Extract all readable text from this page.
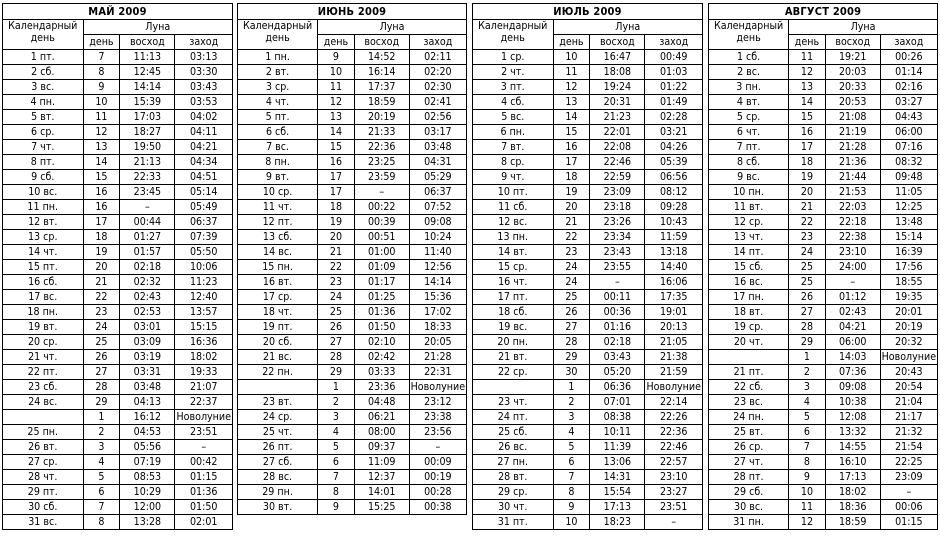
МАЙ 2009			

Календарный
день	Луна		
	день	восход	заход
1 пт.	7	11:13	03:13
2 сб.	8	12:45	03:30
3 вс.	9	14:14	03:43
4 пн.	10	15:39	03:53
5 вт.	11	17:03	04:02
6 ср.	12	18:27	04:11
7 чт.	13	19:50	04:21
8 пт.	14	21:13	04:34
9 сб.	15	22:33	04:51
10 вс.	16	23:45	05:14
11 пн.	16	–	05:49
12 вт.	17	00:44	06:37
13 ср.	18	01:27	07:39
14 чт.	19	01:57	05:50
15 пт.	20	02:18	10:06
16 сб.	21	02:32	11:23
17 вс.	22	02:43	12:40
18 пн.	23	02:53	13:57
19 вт.	24	03:01	15:15
20 ср.	25	03:09	16:36
21 чт.	26	03:19	18:02
22 пт.	27	03:31	19:33
23 сб.	28	03:48	21:07
24 вс.	29	04:13	22:37
	1	16:12	Новолуние
25 пн.	2	04:53	23:51
26 вт.	3	05:56	–
27 ср.	4	07:19	00:42
28 чт.	5	08:53	01:15
29 пт.	6	10:29	01:36
30 сб.	7	12:00	01:50
31 вс.	8	13:28	02:01
ИЮНЬ 2009			

Календарный
день	Луна		
	день	восход	заход
1 пн.	9	14:52	02:11
2 вт.	10	16:14	02:20
3 ср.	11	17:37	02:30
4 чт.	12	18:59	02:41
5 пт.	13	20:19	02:56
6 сб.	14	21:33	03:17
7 вс.	15	22:36	03:48
8 пн.	16	23:25	04:31
9 вт.	17	23:59	05:29
10 ср.	17	–	06:37
11 чт.	18	00:22	07:52
12 пт.	19	00:39	09:08
13 сб.	20	00:51	10:24
14 вс.	21	01:00	11:40
15 пн.	22	01:09	12:56
16 вт.	23	01:17	14:14
17 ср.	24	01:25	15:36
18 чт.	25	01:36	17:02
19 пт.	26	01:50	18:33
20 сб.	27	02:10	20:05
21 вс.	28	02:42	21:28
22 пн.	29	03:33	22:31
	1	23:36	Новолуние
23 вт.	2	04:48	23:12
24 ср.	3	06:21	23:38
25 чт.	4	08:00	23:56
26 пт.	5	09:37	–
27 сб.	6	11:09	00:09
28 вс.	7	12:37	00:19
29 пн.	8	14:01	00:28
30 вт.	9	15:25	00:38
ИЮЛЬ 2009			

Календарный
день	Луна		
	день	восход	заход
1 ср.	10	16:47	00:49
2 чт.	11	18:08	01:03
3 пт.	12	19:24	01:22
4 сб.	13	20:31	01:49
5 вс.	14	21:23	02:28
6 пн.	15	22:01	03:21
7 вт.	16	22:08	04:26
8 ср.	17	22:46	05:39
9 чт.	18	22:59	06:56
10 пт.	19	23:09	08:12
11 сб.	20	23:18	09:28
12 вс.	21	23:26	10:43
13 пн.	22	23:34	11:59
14 вт.	23	23:43	13:18
15 ср.	24	23:55	14:40
16 чт.	24	–	16:06
17 пт.	25	00:11	17:35
18 сб.	26	00:36	19:01
19 вс.	27	01:16	20:13
20 пн.	28	02:18	21:05
21 вт.	29	03:43	21:38
22 ср.	30	05:20	21:59
	1	06:36	Новолуние
23 чт.	2	07:01	22:14
24 пт.	3	08:38	22:26
25 сб.	4	10:11	22:36
26 вс.	5	11:39	22:46
27 пн.	6	13:06	22:57
28 вт.	7	14:31	23:10
29 ср.	8	15:54	23:27
30 чт.	9	17:13	23:51
31 пт.	10	18:23	–
АВГУСТ 2009			

Календарный
день	Луна		
	день	восход	заход
1 сб.	11	19:21	00:26
2 вс.	12	20:03	01:14
3 пн.	13	20:33	02:16
4 вт.	14	20:53	03:27
5 ср.	15	21:08	04:43
6 чт.	16	21:19	06:00
7 пт.	17	21:28	07:16
8 сб.	18	21:36	08:32
9 вс.	19	21:44	09:48
10 пн.	20	21:53	11:05
11 вт.	21	22:03	12:25
12 ср.	22	22:18	13:48
13 чт.	23	22:38	15:14
14 пт.	24	23:10	16:39
15 сб.	25	24:00	17:56
16 вс.	25	–	18:55
17 пн.	26	01:12	19:35
18 вт.	27	02:43	20:01
19 ср.	28	04:21	20:19
20 чт.	29	06:00	20:32
	1	14:03	Новолуние
21 пт.	2	07:36	20:43
22 сб.	3	09:08	20:54
23 вс.	4	10:38	21:04
24 пн.	5	12:08	21:17
25 вт.	6	13:32	21:32
26 ср.	7	14:55	21:54
27 чт.	8	16:10	22:25
28 пт.	9	17:13	23:09
29 сб.	10	18:02	–
30 вс.	11	18:36	00:06
31 пн.	12	18:59	01:15
